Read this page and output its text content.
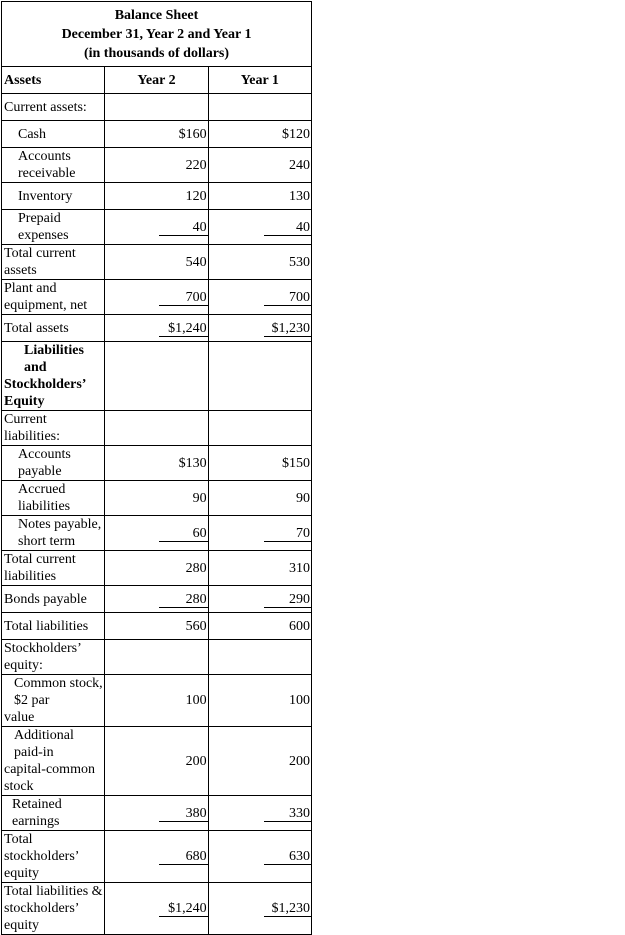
Balance Sheet
December 31, Year 2 and Year 1
(in thousands of dollars)		

Assets	Year 2	Year 1
Current assets:		
Cash	$160	$120
Accounts receivable	220	240
Inventory	120	130
Prepaid expenses	40	40
Total current assets	540	530
Plant and equipment, net	700	700
Total assets	$1,240	$1,230

Liabilities and
Stockholders’ Equity		

Current liabilities:		
Accounts payable	$130	$150
Accrued liabilities	90	90
Notes payable, short term	60	70
Total current liabilities	280	310
Bonds payable	280	290
Total liabilities	560	600
Stockholders’ equity:		

Common stock, $2 par
value	100	100

Additional paid-in
capital-common stock	200	200
Retained earnings	380	330
Total stockholders’ equity	680	630

Total liabilities &
stockholders’ equity	$1,240	$1,230
